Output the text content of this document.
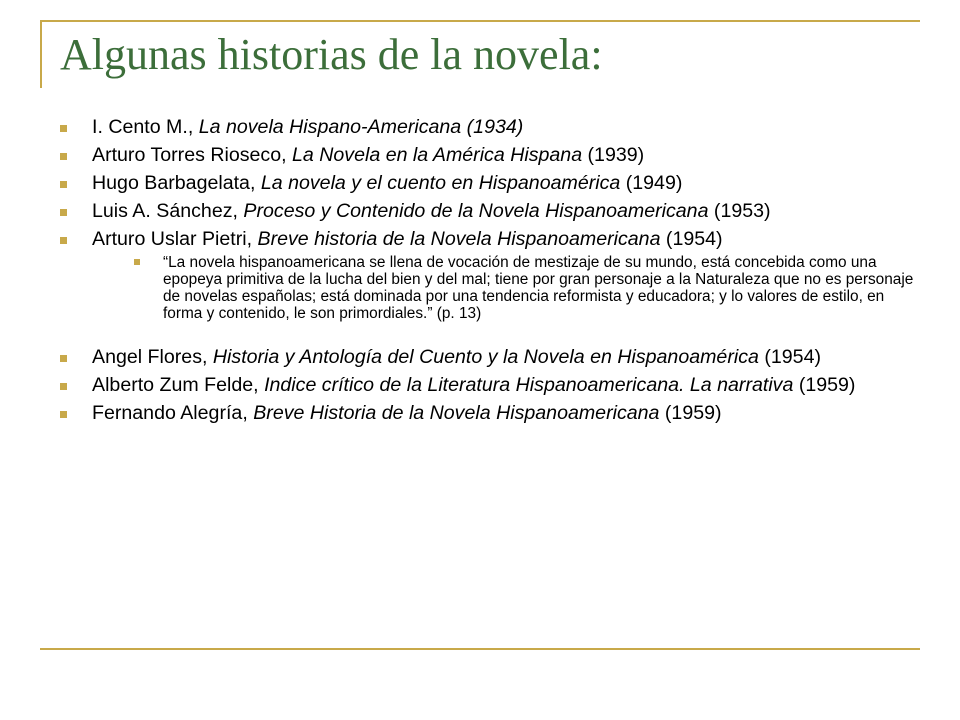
Algunas historias de la novela:
I. Cento M., La novela Hispano-Americana (1934)
Arturo Torres Rioseco, La Novela en la América Hispana (1939)
Hugo Barbagelata, La novela y el cuento en Hispanoamérica (1949)
Luis A. Sánchez, Proceso y Contenido de la Novela Hispanoamericana (1953)
Arturo Uslar Pietri, Breve historia de la Novela Hispanoamericana (1954)
“La novela hispanoamericana se llena de vocación de mestizaje de su mundo, está concebida como una epopeya primitiva de la lucha del bien y del mal; tiene por gran personaje a la Naturaleza que no es personaje de novelas españolas; está dominada por una tendencia reformista y educadora; y lo valores de estilo, en forma y contenido, le son primordiales.” (p. 13)
Angel Flores, Historia y Antología del Cuento y la Novela en Hispanoamérica (1954)
Alberto Zum Felde, Indice crítico de la Literatura Hispanoamericana. La narrativa (1959)
Fernando Alegría, Breve Historia de la Novela Hispanoamericana (1959)
